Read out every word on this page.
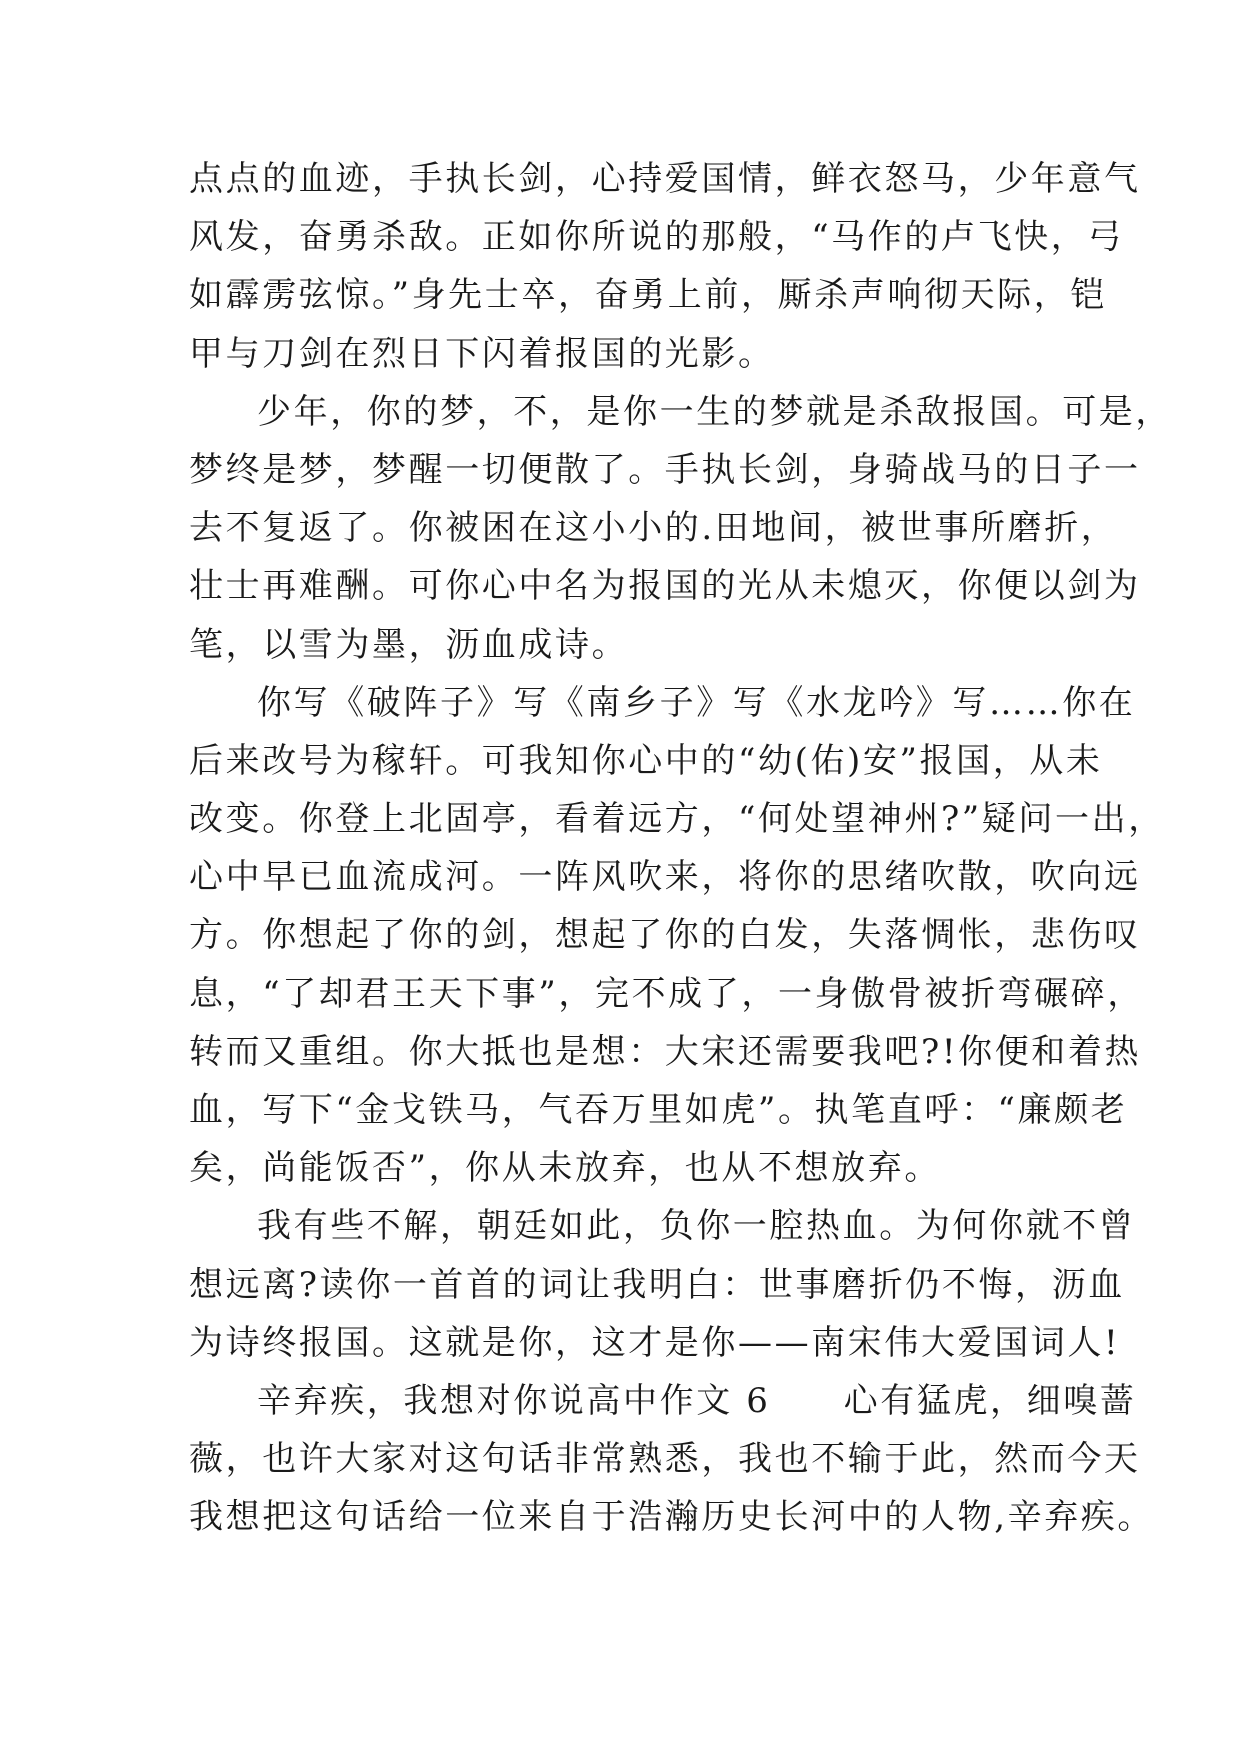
点点的血迹，手执长剑，心持爱国情，鲜衣怒马，少年意气
风发，奋勇杀敌。正如你所说的那般，“马作的卢飞快，弓
如霹雳弦惊。”身先士卒，奋勇上前，厮杀声响彻天际，铠
甲与刀剑在烈日下闪着报国的光影。
少年，你的梦，不，是你一生的梦就是杀敌报国。可是，
梦终是梦，梦醒一切便散了。手执长剑，身骑战马的日子一
去不复返了。你被困在这小小的.田地间，被世事所磨折，
壮士再难酬。可你心中名为报国的光从未熄灭，你便以剑为
笔，以雪为墨，沥血成诗。
你写《破阵子》写《南乡子》写《水龙吟》写……你在
后来改号为稼轩。可我知你心中的“幼(佑)安”报国，从未
改变。你登上北固亭，看着远方，“何处望神州?”疑问一出，
心中早已血流成河。一阵风吹来，将你的思绪吹散，吹向远
方。你想起了你的剑，想起了你的白发，失落惆怅，悲伤叹
息，“了却君王天下事”，完不成了，一身傲骨被折弯碾碎，
转而又重组。你大抵也是想：大宋还需要我吧?!你便和着热
血，写下“金戈铁马，气吞万里如虎”。执笔直呼：“廉颇老
矣，尚能饭否”，你从未放弃，也从不想放弃。
我有些不解，朝廷如此，负你一腔热血。为何你就不曾
想远离?读你一首首的词让我明白：世事磨折仍不悔，沥血
为诗终报国。这就是你，这才是你——南宋伟大爱国词人!
辛弃疾，我想对你说高中作文 6　　心有猛虎，细嗅蔷
薇，也许大家对这句话非常熟悉，我也不输于此，然而今天
我想把这句话给一位来自于浩瀚历史长河中的人物,辛弃疾。
